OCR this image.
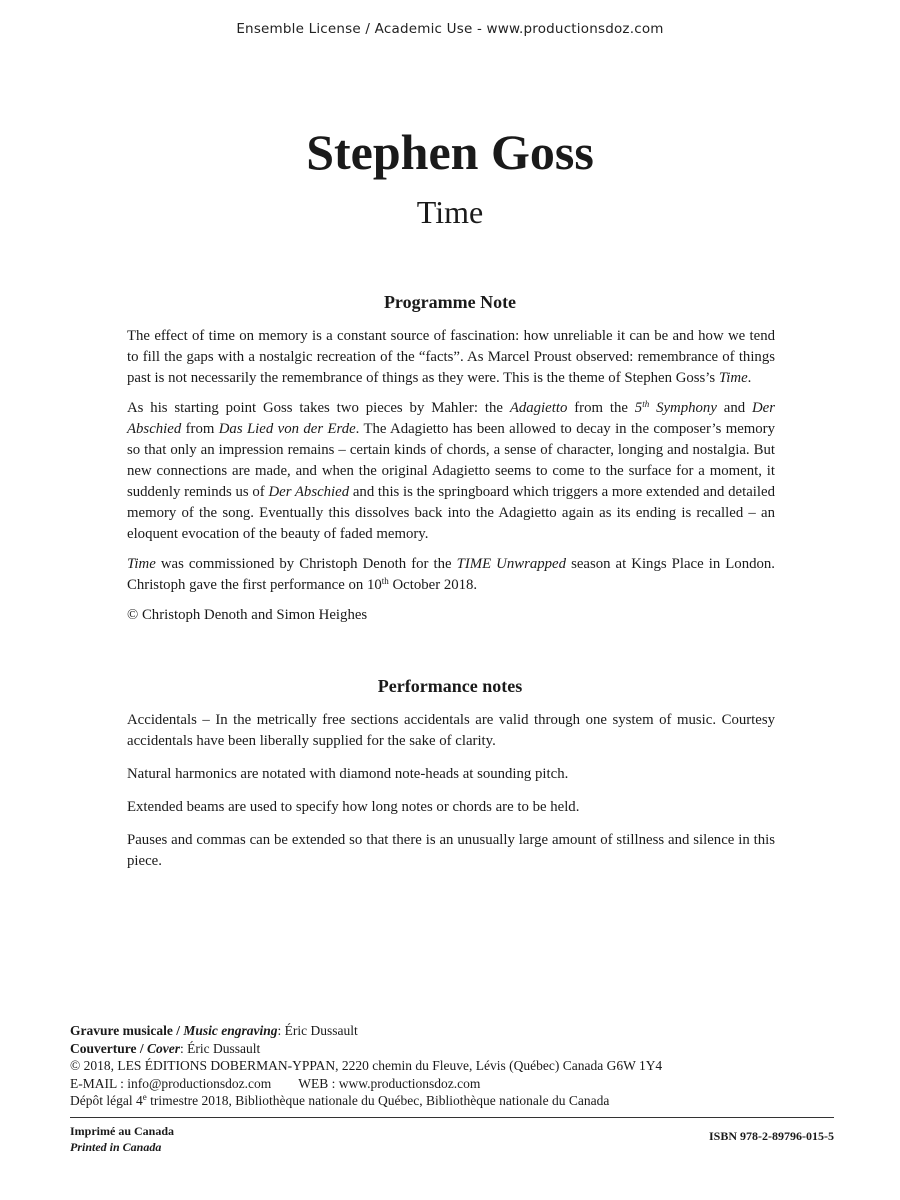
Ensemble License / Academic Use - www.productionsdoz.com
Stephen Goss
Time
Programme Note

The effect of time on memory is a constant source of fascination: how unreliable it can be and how we tend to fill the gaps with a nostalgic recreation of the “facts”. As Marcel Proust observed: remembrance of things past is not necessarily the remembrance of things as they were. This is the theme of Stephen Goss’s Time.

As his starting point Goss takes two pieces by Mahler: the Adagietto from the 5th Symphony and Der Abschied from Das Lied von der Erde. The Adagietto has been allowed to decay in the composer’s memory so that only an impression remains – certain kinds of chords, a sense of character, longing and nostalgia. But new connections are made, and when the original Adagietto seems to come to the surface for a moment, it suddenly reminds us of Der Abschied and this is the springboard which triggers a more extended and detailed memory of the song. Eventually this dissolves back into the Adagietto again as its ending is recalled – an eloquent evocation of the beauty of faded memory.

Time was commissioned by Christoph Denoth for the TIME Unwrapped season at Kings Place in London. Christoph gave the first performance on 10th October 2018.

© Christoph Denoth and Simon Heighes

Performance notes

Accidentals – In the metrically free sections accidentals are valid through one system of music. Courtesy accidentals have been liberally supplied for the sake of clarity.

Natural harmonics are notated with diamond note-heads at sounding pitch.

Extended beams are used to specify how long notes or chords are to be held.

Pauses and commas can be extended so that there is an unusually large amount of stillness and silence in this piece.

Gravure musicale / Music engraving: Éric Dussault
Couverture / Cover: Éric Dussault
© 2018, LES ÉDITIONS DOBERMAN-YPPAN, 2220 chemin du Fleuve, Lévis (Québec) Canada G6W 1Y4
E-MAIL : info@productionsdoz.com WEB : www.productionsdoz.com
Dépôt légal 4e trimestre 2018, Bibliothèque nationale du Québec, Bibliothèque nationale du Canada
Imprimé au Canada
Printed in Canada
ISBN 978-2-89796-015-5
